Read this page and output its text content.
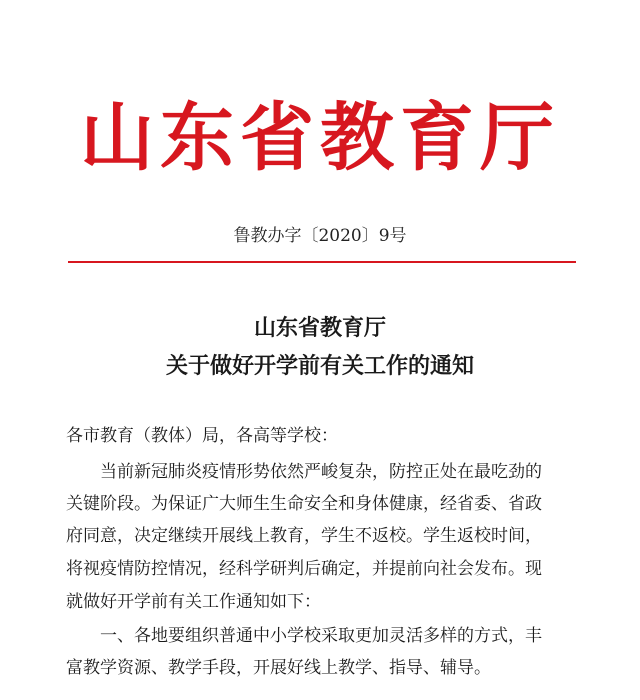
山东省教育厅
鲁教办字〔2020〕9号
山东省教育厅
关于做好开学前有关工作的通知
各市教育（教体）局，各高等学校：
　　当前新冠肺炎疫情形势依然严峻复杂，防控正处在最吃劲的
关键阶段。为保证广大师生生命安全和身体健康，经省委、省政
府同意，决定继续开展线上教育，学生不返校。学生返校时间，
将视疫情防控情况，经科学研判后确定，并提前向社会发布。现
就做好开学前有关工作通知如下：
　　一、各地要组织普通中小学校采取更加灵活多样的方式，丰
富教学资源、教学手段，开展好线上教学、指导、辅导。
